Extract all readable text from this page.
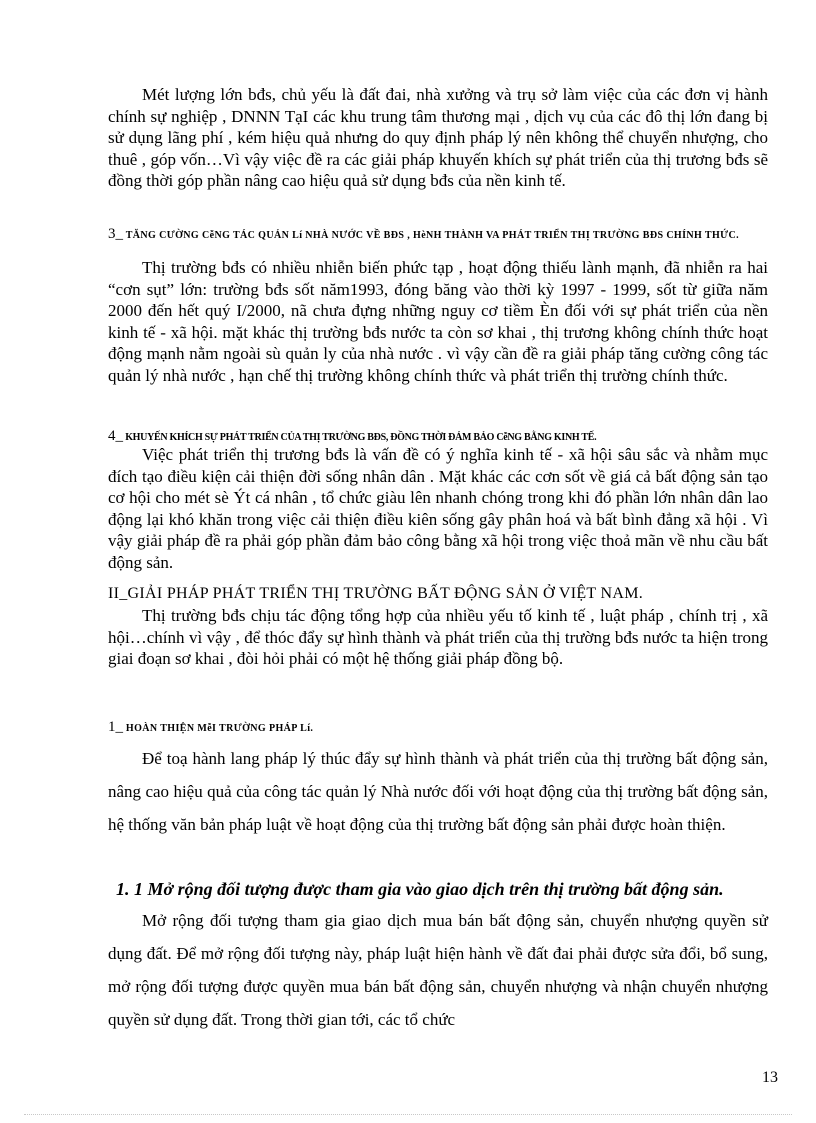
Mét lượng lớn bđs, chủ yếu là đất đai, nhà xưởng và trụ sở làm việc của các đơn vị hành chính sự nghiệp , DNNN TạI các khu trung tâm thương mại , dịch vụ của các đô thị lớn đang bị sử dụng lãng phí , kém hiệu quả nhưng do quy định pháp lý nên không thể chuyển nhượng, cho thuê , góp vốn…Vì vậy việc đề ra các giải pháp khuyến khích sự phát triển của thị trương bđs sẽ đồng thời góp phần nâng cao hiệu quả sử dụng bđs của nền kinh tế.

3_ TĂNG CƯỜNG CễNG TÁC QUẢN Lí NHÀ NƯỚC VỀ BĐS , HèNH THÀNH VA PHÁT TRIỂN THỊ TRƯỜNG BĐS CHÍNH THỨC.

Thị trường bđs có nhiều nhiễn biến phức tạp , hoạt động thiếu lành mạnh, đã nhiễn ra hai “cơn sụt” lớn: trường bđs sốt năm1993, đóng băng vào thời kỳ 1997 - 1999, sốt từ giữa năm 2000 đến hết quý I/2000, nã chưa đựng những nguy cơ tiềm Èn đối với sự phát triển của nền kinh tế - xã hội. mặt khác thị trường bđs nước ta còn sơ khai , thị trương không chính thức hoạt động mạnh nằm ngoài sù quản ly của nhà nước . vì vậy cần đề ra giải pháp tăng cường công tác quản lý nhà nước , hạn chế thị trường không chính thức và phát triển thị trường chính thức.

4_ KHUYẾN KHÍCH SỰ PHÁT TRIỂN CỦA THỊ TRƯỜNG BĐS, ĐỒNG THỜI ĐẢM BẢO CễNG BẰNG KINH TẾ.

Việc phát triển thị trương bđs là vấn đề có ý nghĩa kinh tế - xã hội sâu sắc và nhằm mục đích tạo điều kiện cải thiện đời sống nhân dân . Mặt khác các cơn sốt về giá cả bất động sản tạo cơ hội cho mét sè Ýt cá nhân , tổ chức giàu lên nhanh chóng trong khi đó phần lớn nhân dân lao động lại khó khăn trong việc cải thiện điều kiên sống gây phân hoá và bất bình đẳng xã hội . Vì vậy giải pháp đề ra phải góp phần đảm bảo công bằng xã hội trong việc thoả mãn về nhu cầu bất động sản.

II_GIẢI PHÁP PHÁT TRIỂN THỊ TRƯỜNG BẤT ĐỘNG SẢN Ở VIỆT NAM.

Thị trường bđs chịu tác động tổng hợp của nhiều yếu tố kinh tế , luật pháp , chính trị , xã hội…chính vì vậy , để thóc đẩy sự hình thành và phát triển của thị trường bđs nước ta hiện trong giai đoạn sơ khai , đòi hỏi phải có một hệ thống giải pháp đồng bộ.

1_ HOÀN THIỆN MễI TRƯỜNG PHÁP Lí.

Để toạ hành lang pháp lý thúc đẩy sự hình thành và phát triển của thị trường bất động sản, nâng cao hiệu quả của công tác quản lý Nhà nước đối với hoạt động của thị trường bất động sản, hệ thống văn bản pháp luật về hoạt động của thị trường bất động sản phải được hoàn thiện.

1. 1 Mở rộng đối tượng được tham gia vào giao dịch trên thị trường bất động sản.

Mở rộng đối tượng tham gia giao dịch mua bán bất động sản, chuyển nhượng quyền sử dụng đất. Để mở rộng đối tượng này, pháp luật hiện hành về đất đai phải được sửa đổi, bổ sung, mở rộng đối tượng được quyền mua bán bất động sản, chuyển nhượng và nhận chuyển nhượng quyền sử dụng đất. Trong thời gian tới, các tổ chức

13
